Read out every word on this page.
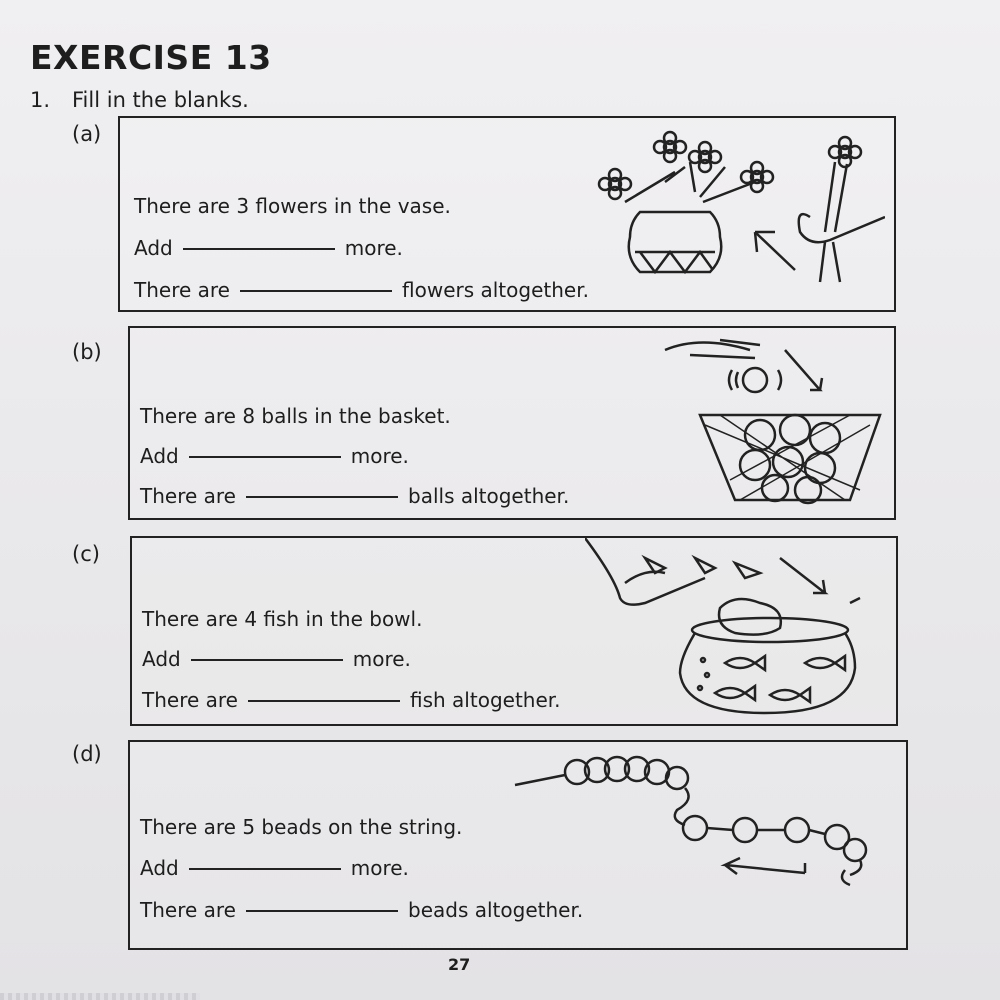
EXERCISE 13
1. Fill in the blanks.
(a)
There are 3 flowers in the vase.
Add	more.
There are	flowers altogether.
(b)
There are 8 balls in the basket.
Add	more.
There are	balls altogether.
(c)
There are 4 fish in the bowl.
Add	more.
There are	fish altogether.
(d)
There are 5 beads on the string.
Add	more.
There are	beads altogether.
27
